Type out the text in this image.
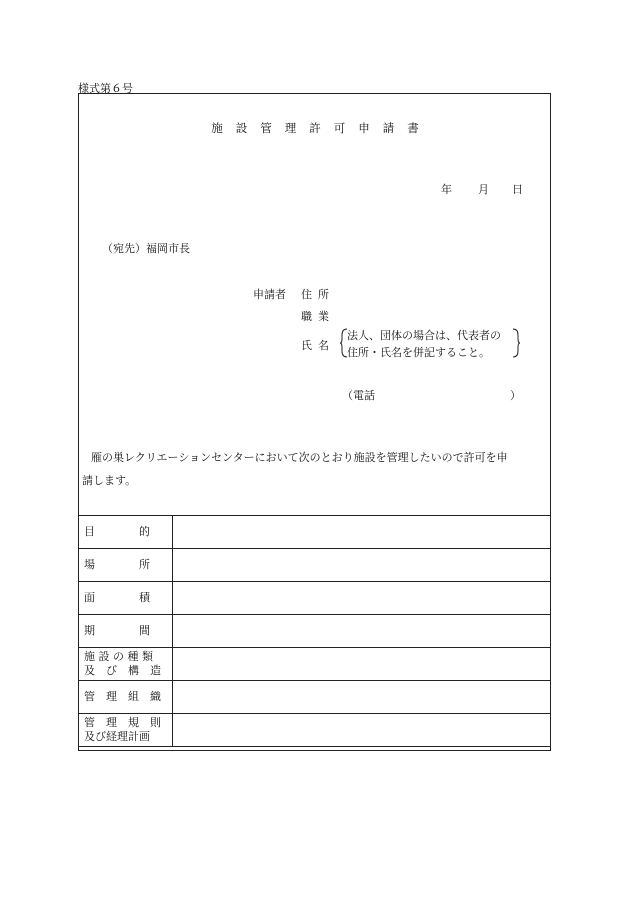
様式第６号
施設管理許可申請書
年 月 日
（宛先）福岡市長
申請者 住所
職業
氏名
法人、団体の場合は、代表者の
住所・氏名を併記すること。
（電話	）
雁の巣レクリエーションセンターにおいて次のとおり施設を管理したいので許可を申
請します。
目　　　　的	

場　　　　所	

面　　　　積	

期　　　　間	

施 設 の 種 類
及　び　構　造	

管　理　組　織	

管　理　規　則
及び経理計画	
